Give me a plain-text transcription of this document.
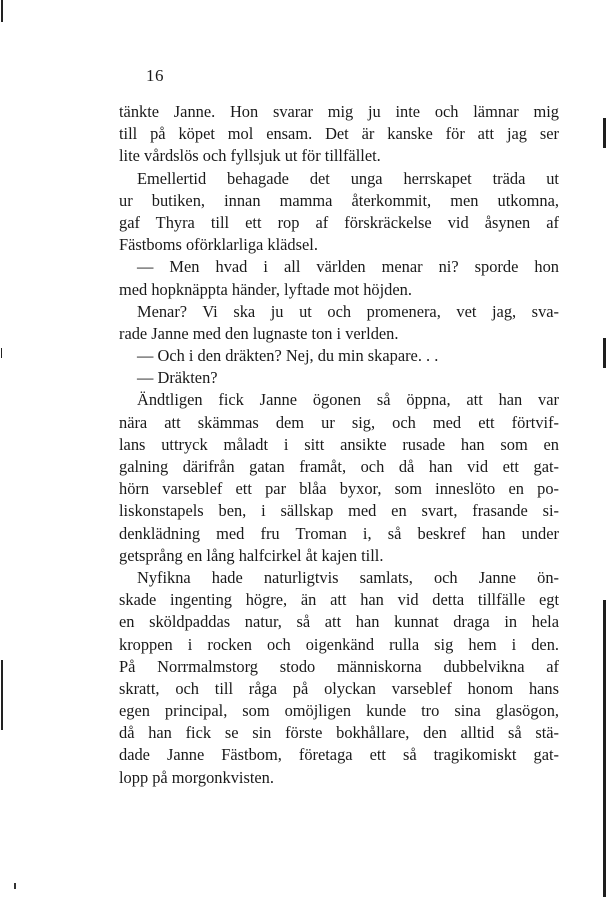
16
tänkte Janne. Hon svarar mig ju inte och lämnar mig
till på köpet mol ensam. Det är kanske för att jag ser
lite vårdslös och fyllsjuk ut för tillfället.
Emellertid behagade det unga herrskapet träda ut
ur butiken, innan mamma återkommit, men utkomna,
gaf Thyra till ett rop af förskräckelse vid åsynen af
Fästboms oförklarliga klädsel.
— Men hvad i all världen menar ni? sporde hon
med hopknäppta händer, lyftade mot höjden.
Menar? Vi ska ju ut och promenera, vet jag, sva-
rade Janne med den lugnaste ton i verlden.
— Och i den dräkten? Nej, du min skapare. . .
— Dräkten?
Ändtligen fick Janne ögonen så öppna, att han var
nära att skämmas dem ur sig, och med ett förtvif-
lans uttryck måladt i sitt ansikte rusade han som en
galning därifrån gatan framåt, och då han vid ett gat-
hörn varseblef ett par blåa byxor, som inneslöto en po-
liskonstapels ben, i sällskap med en svart, frasande si-
denklädning med fru Troman i, så beskref han under
getsprång en lång halfcirkel åt kajen till.
Nyfikna hade naturligtvis samlats, och Janne ön-
skade ingenting högre, än att han vid detta tillfälle egt
en sköldpaddas natur, så att han kunnat draga in hela
kroppen i rocken och oigenkänd rulla sig hem i den.
På Norrmalmstorg stodo människorna dubbelvikna af
skratt, och till råga på olyckan varseblef honom hans
egen principal, som omöjligen kunde tro sina glasögon,
då han fick se sin förste bokhållare, den alltid så stä-
dade Janne Fästbom, företaga ett så tragikomiskt gat-
lopp på morgonkvisten.
